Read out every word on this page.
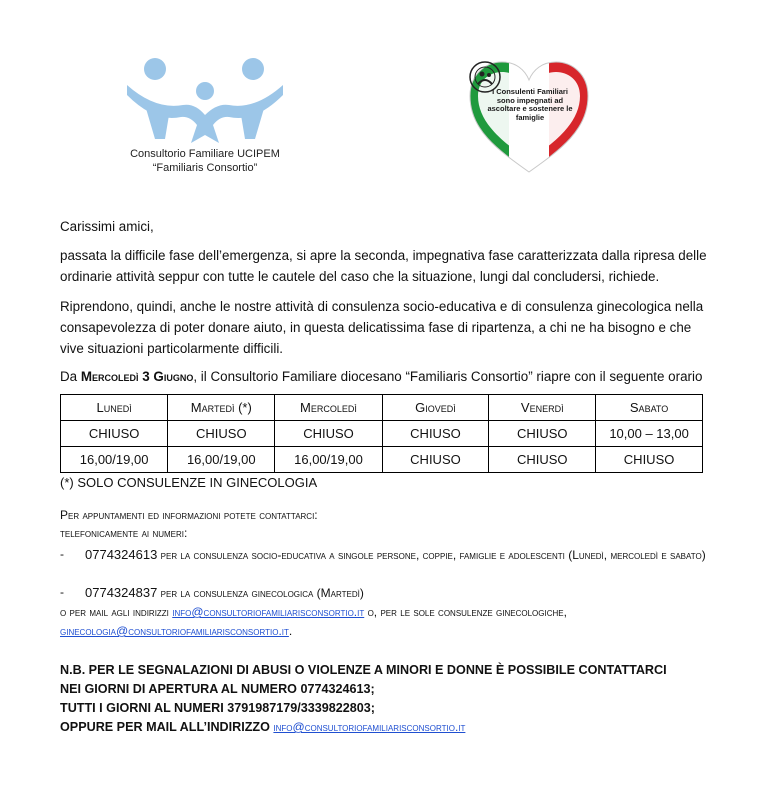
Consultorio Familiare UCIPEM
“Familiaris Consortio”
I Consulenti Familiari sono impegnati ad ascoltare e sostenere le famiglie
Carissimi amici,
passata la difficile fase dell’emergenza, si apre la seconda, impegnativa fase caratterizzata dalla ripresa delle ordinarie attività seppur con tutte le cautele del caso che la situazione, lungi dal concludersi, richiede.
Riprendono, quindi, anche le nostre attività di consulenza socio-educativa e di consulenza ginecologica nella consapevolezza di poter donare aiuto, in questa delicatissima fase di ripartenza, a chi ne ha bisogno e che vive situazioni particolarmente difficili.
Da Mercoledì 3 Giugno, il Consultorio Familiare diocesano “Familiaris Consortio” riapre con il seguente orario
Lunedì	Martedì (*)	Mercoledì	Giovedì	Venerdì	Sabato
CHIUSO	CHIUSO	CHIUSO	CHIUSO	CHIUSO	10,00 – 13,00
16,00/19,00	16,00/19,00	16,00/19,00	CHIUSO	CHIUSO	CHIUSO
(*) SOLO CONSULENZE IN GINECOLOGIA
Per appuntamenti ed informazioni potete contattarci:
telefonicamente ai numeri:
- 0774324613 per la consulenza socio-educativa a singole persone, coppie, famiglie e adolescenti (Lunedì, mercoledì e sabato)
- 0774324837 per la consulenza ginecologica (Martedì)
o per mail agli indirizzi info@consultoriofamiliarisconsortio.it o, per le sole consulenze ginecologiche,
ginecologia@consultoriofamiliarisconsortio.it.
N.B. PER LE SEGNALAZIONI DI ABUSI O VIOLENZE A MINORI E DONNE È POSSIBILE CONTATTARCI
NEI GIORNI DI APERTURA AL NUMERO 0774324613;
TUTTI I GIORNI AL NUMERI 3791987179/3339822803;
OPPURE PER MAIL ALL’INDIRIZZO info@consultoriofamiliarisconsortio.it
